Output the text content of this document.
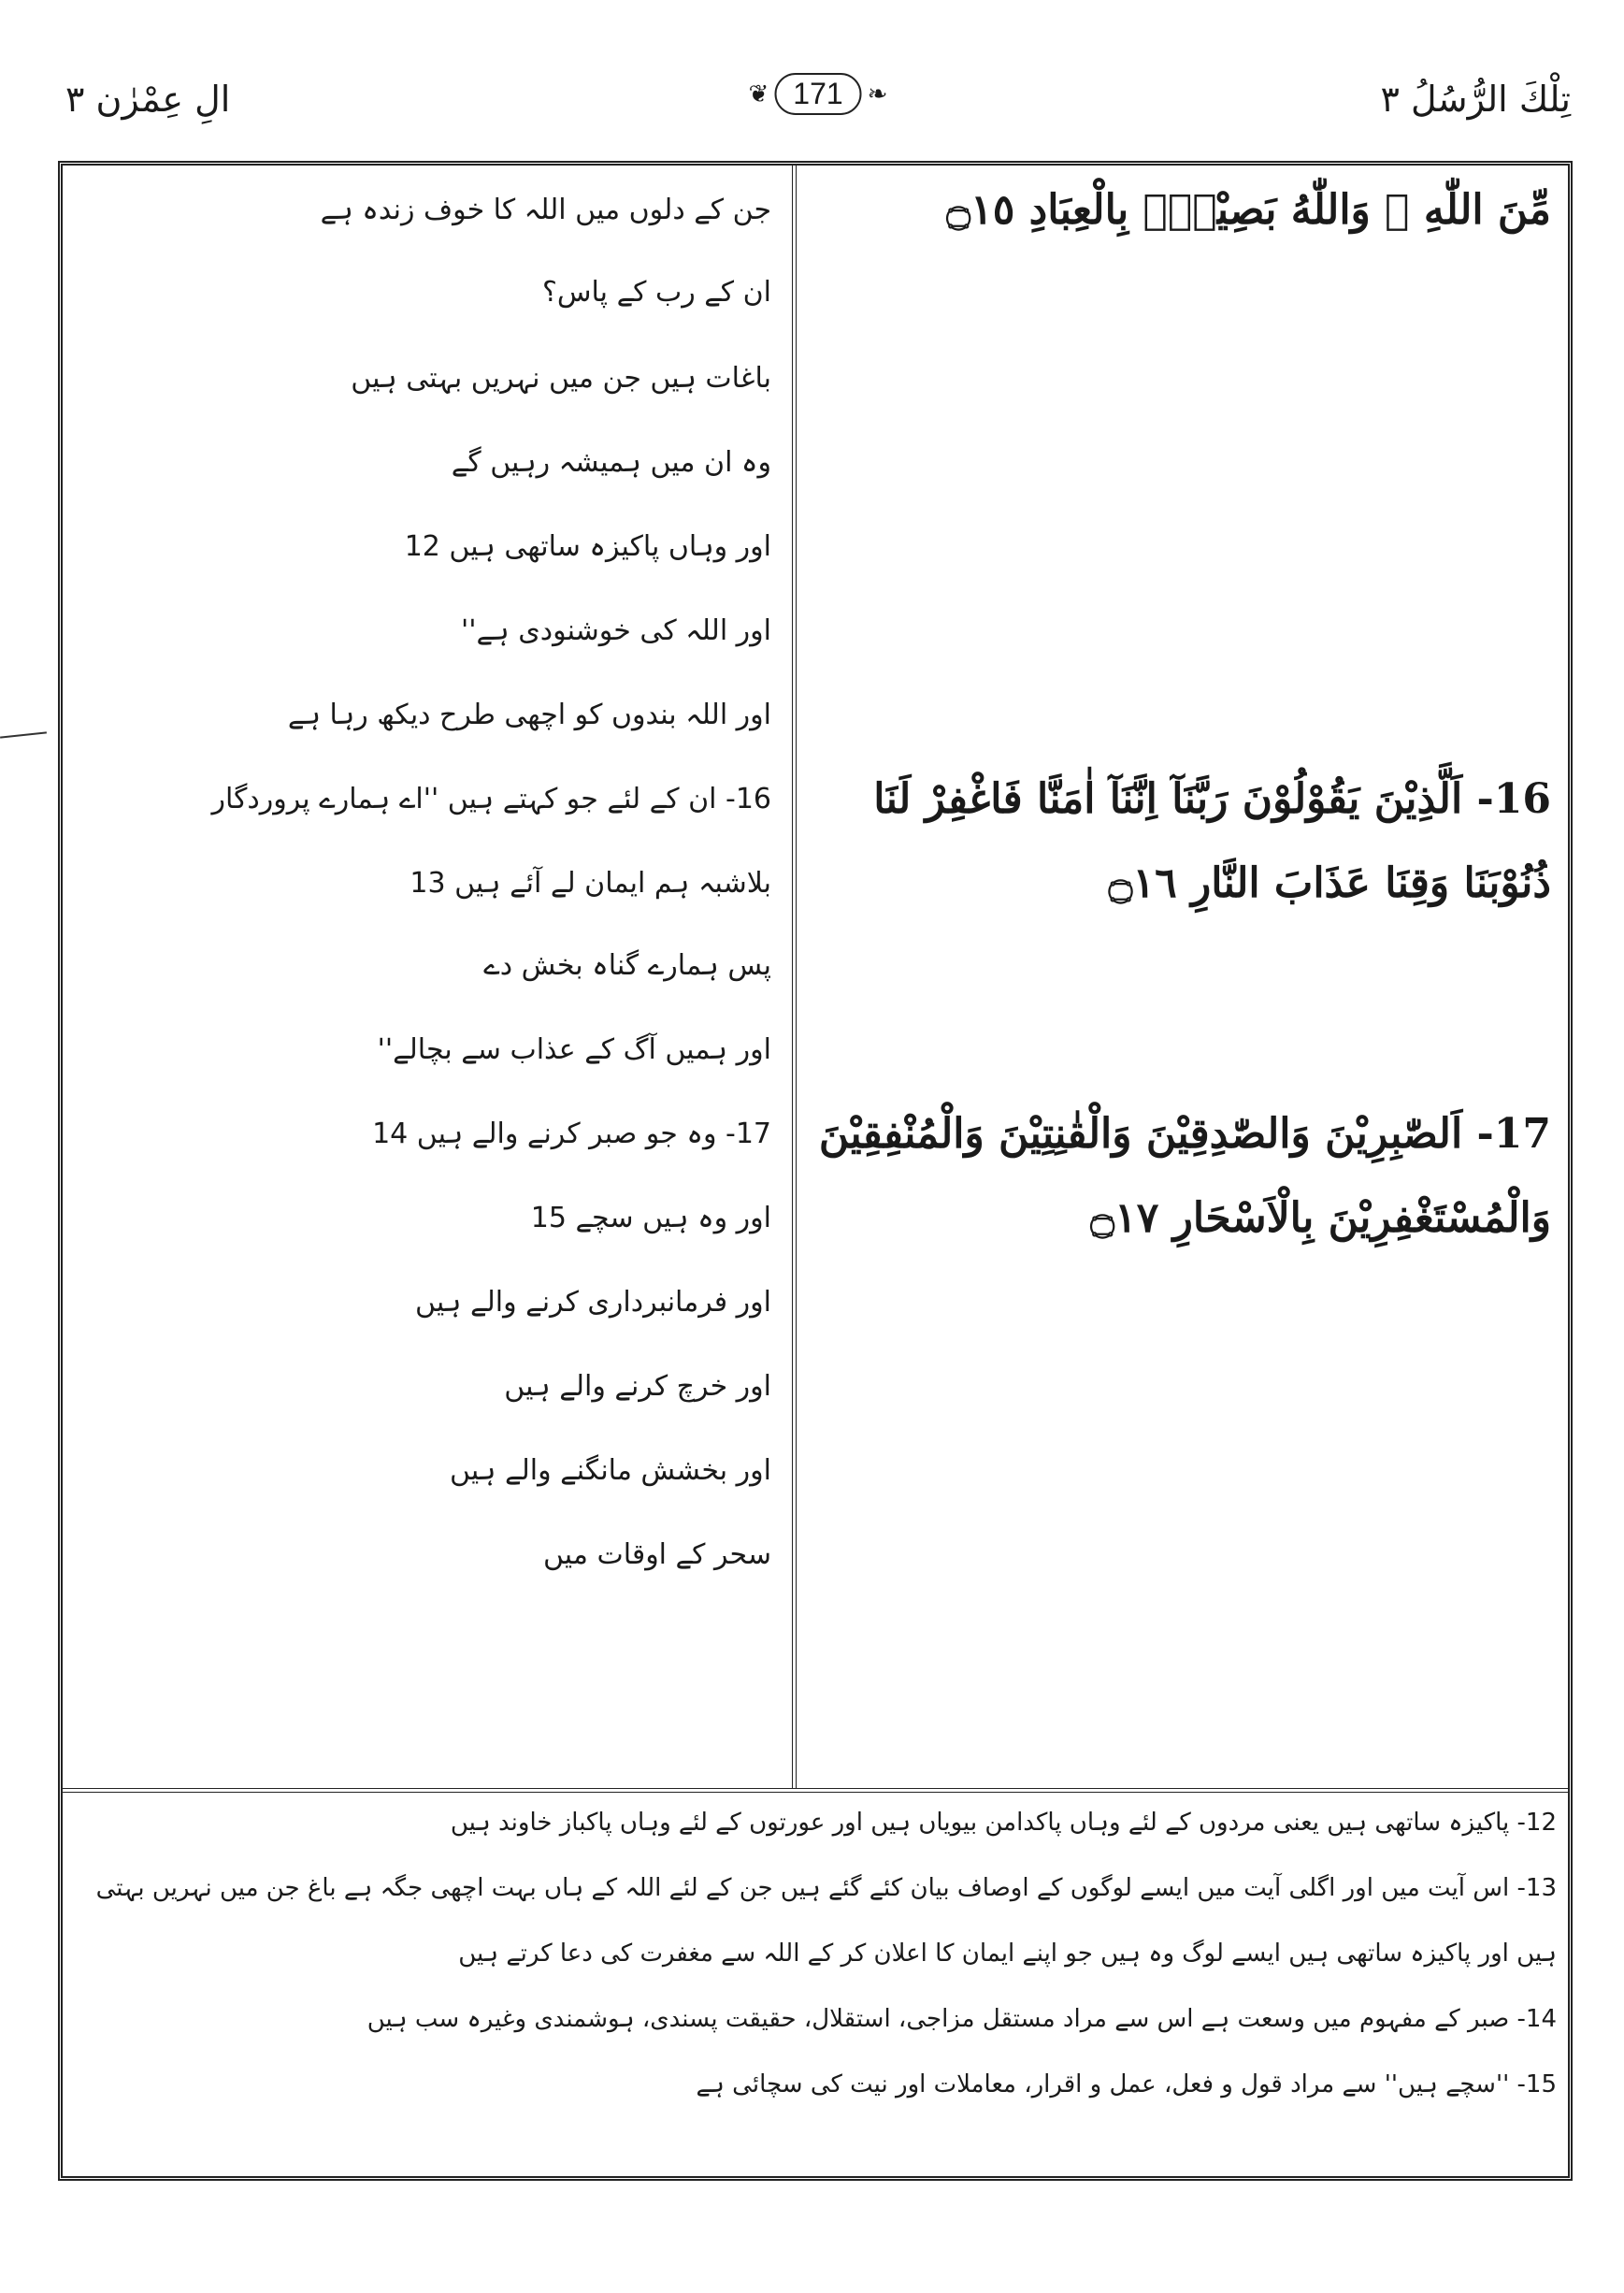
الِ عِمْرٰن ٣	❦ 171	❧	تِلْكَ الرُّسُلُ ٣
جن کے دلوں میں اللہ کا خوف زندہ ہے
ان کے رب کے پاس؟
باغات ہیں جن میں نہریں بہتی ہیں
وہ ان میں ہمیشہ رہیں گے
اور وہاں پاکیزہ ساتھی ہیں 12
اور اللہ کی خوشنودی ہے''
اور اللہ بندوں کو اچھی طرح دیکھ رہا ہے
16- ان کے لئے جو کہتے ہیں ''اے ہمارے پروردگار
بلاشبہ ہم ایمان لے آئے ہیں 13
پس ہمارے گناہ بخش دے
اور ہمیں آگ کے عذاب سے بچالے''
17- وہ جو صبر کرنے والے ہیں 14
اور وہ ہیں سچے 15
اور فرمانبرداری کرنے والے ہیں
اور خرچ کرنے والے ہیں
اور بخشش مانگنے والے ہیں
سحر کے اوقات میں
مِّنَ اللّٰهِ ۭ وَاللّٰهُ بَصِيْرٌۢ بِالْعِبَادِ ۝١٥
16- اَلَّذِيْنَ يَقُوْلُوْنَ رَبَّنَآ اِنَّنَآ اٰمَنَّا فَاغْفِرْ لَنَا
ذُنُوْبَنَا وَقِنَا عَذَابَ النَّارِ ۝١٦
17- اَلصّٰبِرِيْنَ وَالصّٰدِقِيْنَ وَالْقٰنِتِيْنَ وَالْمُنْفِقِيْنَ
وَالْمُسْتَغْفِرِيْنَ بِالْاَسْحَارِ ۝١٧
12- پاکیزہ ساتھی ہیں یعنی مردوں کے لئے وہاں پاکدامن بیویاں ہیں اور عورتوں کے لئے وہاں پاکباز خاوند ہیں
13- اس آیت میں اور اگلی آیت میں ایسے لوگوں کے اوصاف بیان کئے گئے ہیں جن کے لئے اللہ کے ہاں بہت اچھی جگہ ہے باغ جن میں نہریں بہتی
ہیں اور پاکیزہ ساتھی ہیں ایسے لوگ وہ ہیں جو اپنے ایمان کا اعلان کر کے اللہ سے مغفرت کی دعا کرتے ہیں
14- صبر کے مفہوم میں وسعت ہے اس سے مراد مستقل مزاجی، استقلال، حقیقت پسندی، ہوشمندی وغیرہ سب ہیں
15- ''سچے ہیں'' سے مراد قول و فعل، عمل و اقرار، معاملات اور نیت کی سچائی ہے
